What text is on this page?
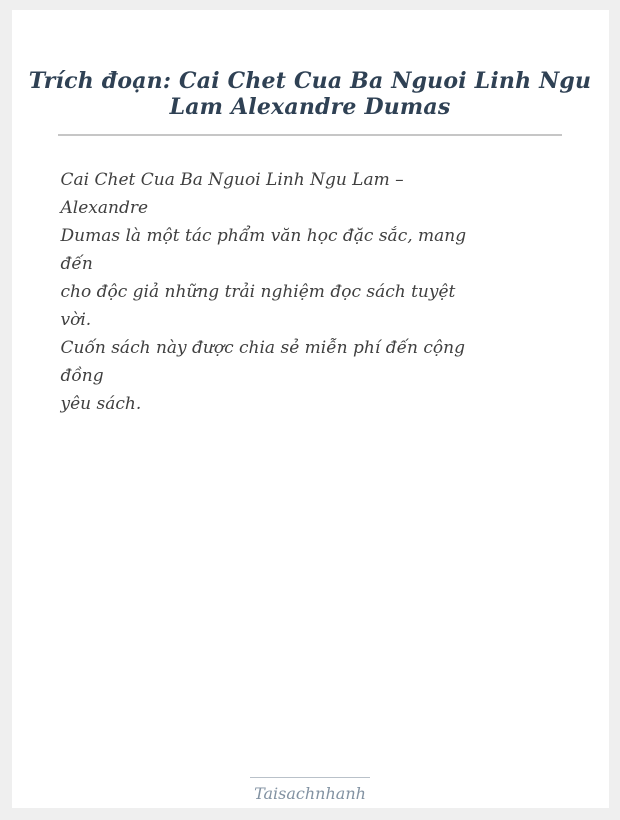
Trích đoạn: Cai Chet Cua Ba Nguoi Linh Ngu Lam Alexandre Dumas

Cai Chet Cua Ba Nguoi Linh Ngu Lam –

Alexandre

Dumas là một tác phẩm văn học đặc sắc, mang

đến

cho độc giả những trải nghiệm đọc sách tuyệt

vời.

Cuốn sách này được chia sẻ miễn phí đến cộng

đồng

yêu sách.

Taisachnhanh
